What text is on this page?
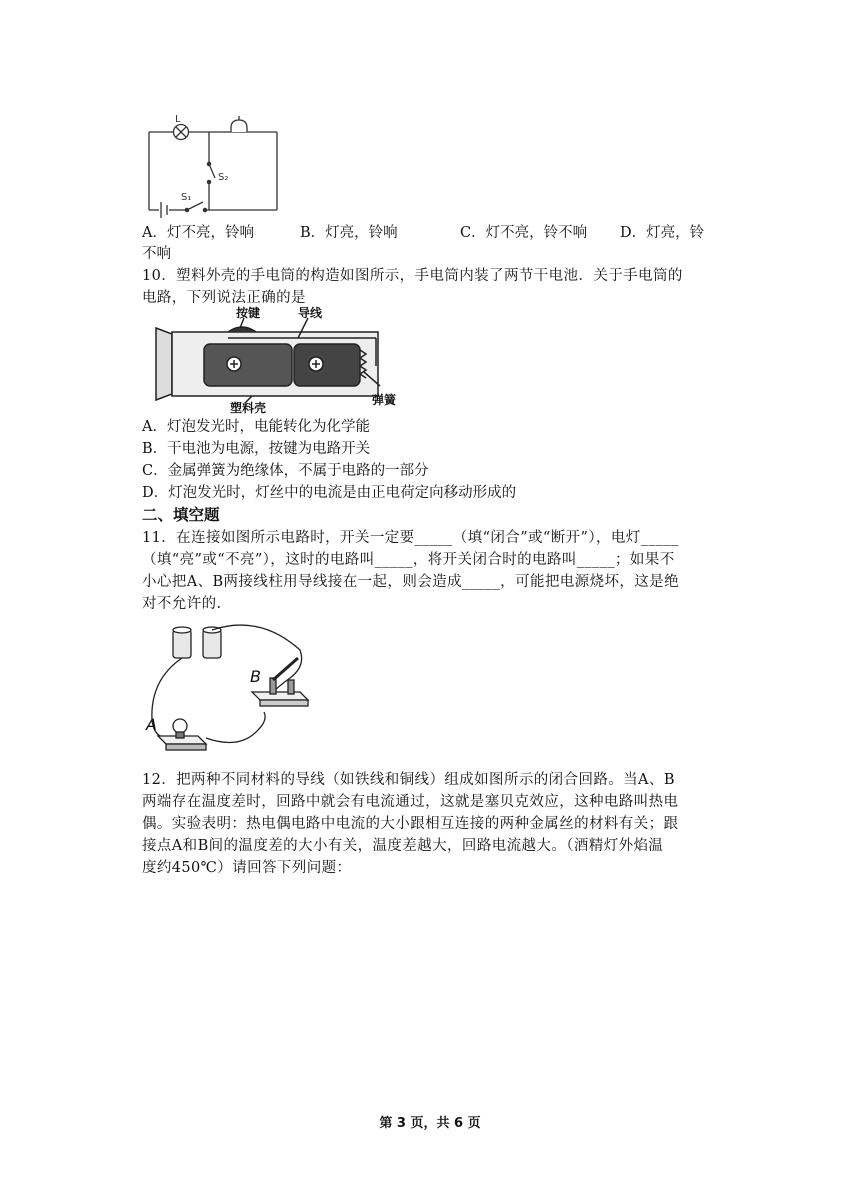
L
S₂
S₁
A．灯不亮，铃响	B．灯亮，铃响	C．灯不亮，铃不响 D．灯亮，铃
不响
10．塑料外壳的手电筒的构造如图所示，手电筒内装了两节干电池．关于手电筒的
电路，下列说法正确的是
按键	导线
弹簧
塑料壳
A．灯泡发光时，电能转化为化学能
B．干电池为电源，按键为电路开关
C．金属弹簧为绝缘体，不属于电路的一部分
D．灯泡发光时，灯丝中的电流是由正电荷定向移动形成的
二、填空题
11．在连接如图所示电路时，开关一定要_____（填“闭合”或“断开”），电灯_____
（填“亮”或“不亮”），这时的电路叫_____，将开关闭合时的电路叫_____；如果不
小心把A、B两接线柱用导线接在一起，则会造成_____，可能把电源烧坏，这是绝
对不允许的.
A
B
12．把两种不同材料的导线（如铁线和铜线）组成如图所示的闭合回路。当A、B
两端存在温度差时，回路中就会有电流通过，这就是塞贝克效应，这种电路叫热电
偶。实验表明：热电偶电路中电流的大小跟相互连接的两种金属丝的材料有关；跟
接点A和B间的温度差的大小有关，温度差越大，回路电流越大。（酒精灯外焰温
度约450℃）请回答下列问题：
第 3 页，共 6 页
